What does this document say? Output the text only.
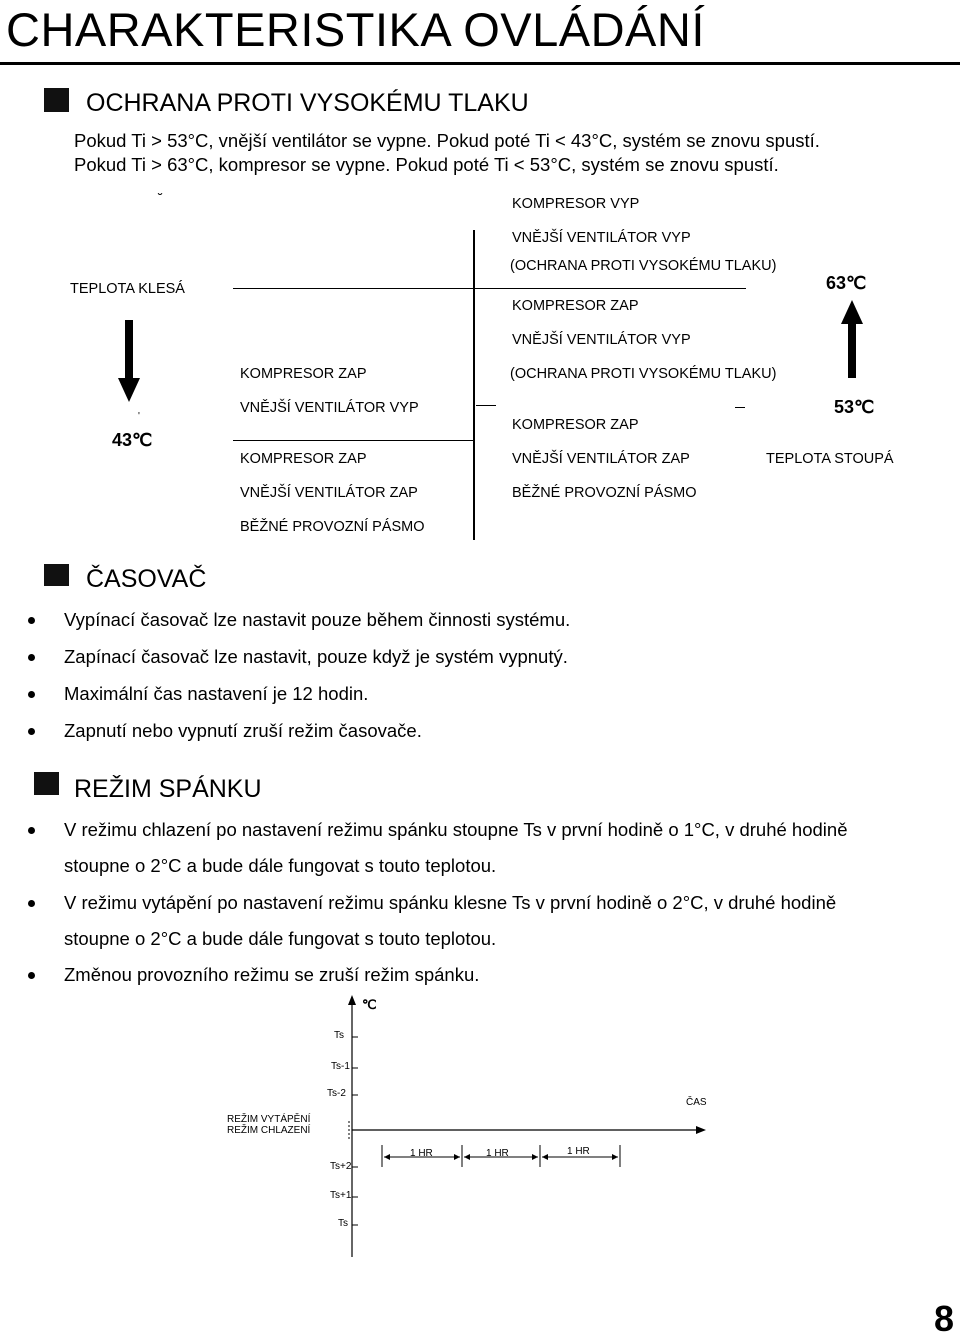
CHARAKTERISTIKA OVLÁDÁNÍ
OCHRANA PROTI VYSOKÉMU TLAKU
Pokud Ti > 53°C, vnější ventilátor se vypne. Pokud poté Ti < 43°C, systém se znovu spustí.
Pokud Ti > 63°C, kompresor se vypne. Pokud poté Ti < 53°C, systém se znovu spustí.
˘
TEPLOTA KLESÁ
'
43℃
63℃
53℃
TEPLOTA STOUPÁ
KOMPRESOR VYP
VNĚJŠÍ VENTILÁTOR VYP
(OCHRANA PROTI VYSOKÉMU TLAKU)
KOMPRESOR ZAP
VNĚJŠÍ VENTILÁTOR VYP
(OCHRANA PROTI VYSOKÉMU TLAKU)
KOMPRESOR ZAP
VNĚJŠÍ VENTILÁTOR ZAP
BĚŽNÉ PROVOZNÍ PÁSMO
KOMPRESOR ZAP
VNĚJŠÍ VENTILÁTOR VYP
KOMPRESOR ZAP
VNĚJŠÍ VENTILÁTOR ZAP
BĚŽNÉ PROVOZNÍ PÁSMO
ČASOVAČ
Vypínací časovač lze nastavit pouze během činnosti systému.
Zapínací časovač lze nastavit, pouze když je systém vypnutý.
Maximální čas nastavení je 12 hodin.
Zapnutí nebo vypnutí zruší režim časovače.
REŽIM SPÁNKU
V režimu chlazení po nastavení režimu spánku stoupne Ts v první hodině o 1°C, v druhé hodině
stoupne o 2°C a bude dále fungovat s touto teplotou.
V režimu vytápění po nastavení režimu spánku klesne Ts v první hodině o 2°C, v druhé hodině
stoupne o 2°C a bude dále fungovat s touto teplotou.
Změnou provozního režimu se zruší režim spánku.
℃
Ts
Ts-1
Ts-2
Ts+2
Ts+1
Ts
ČAS
REŽIM VYTÁPĚNÍ
REŽIM CHLAZENÍ
1 HR	1 HR	1 HR
8
